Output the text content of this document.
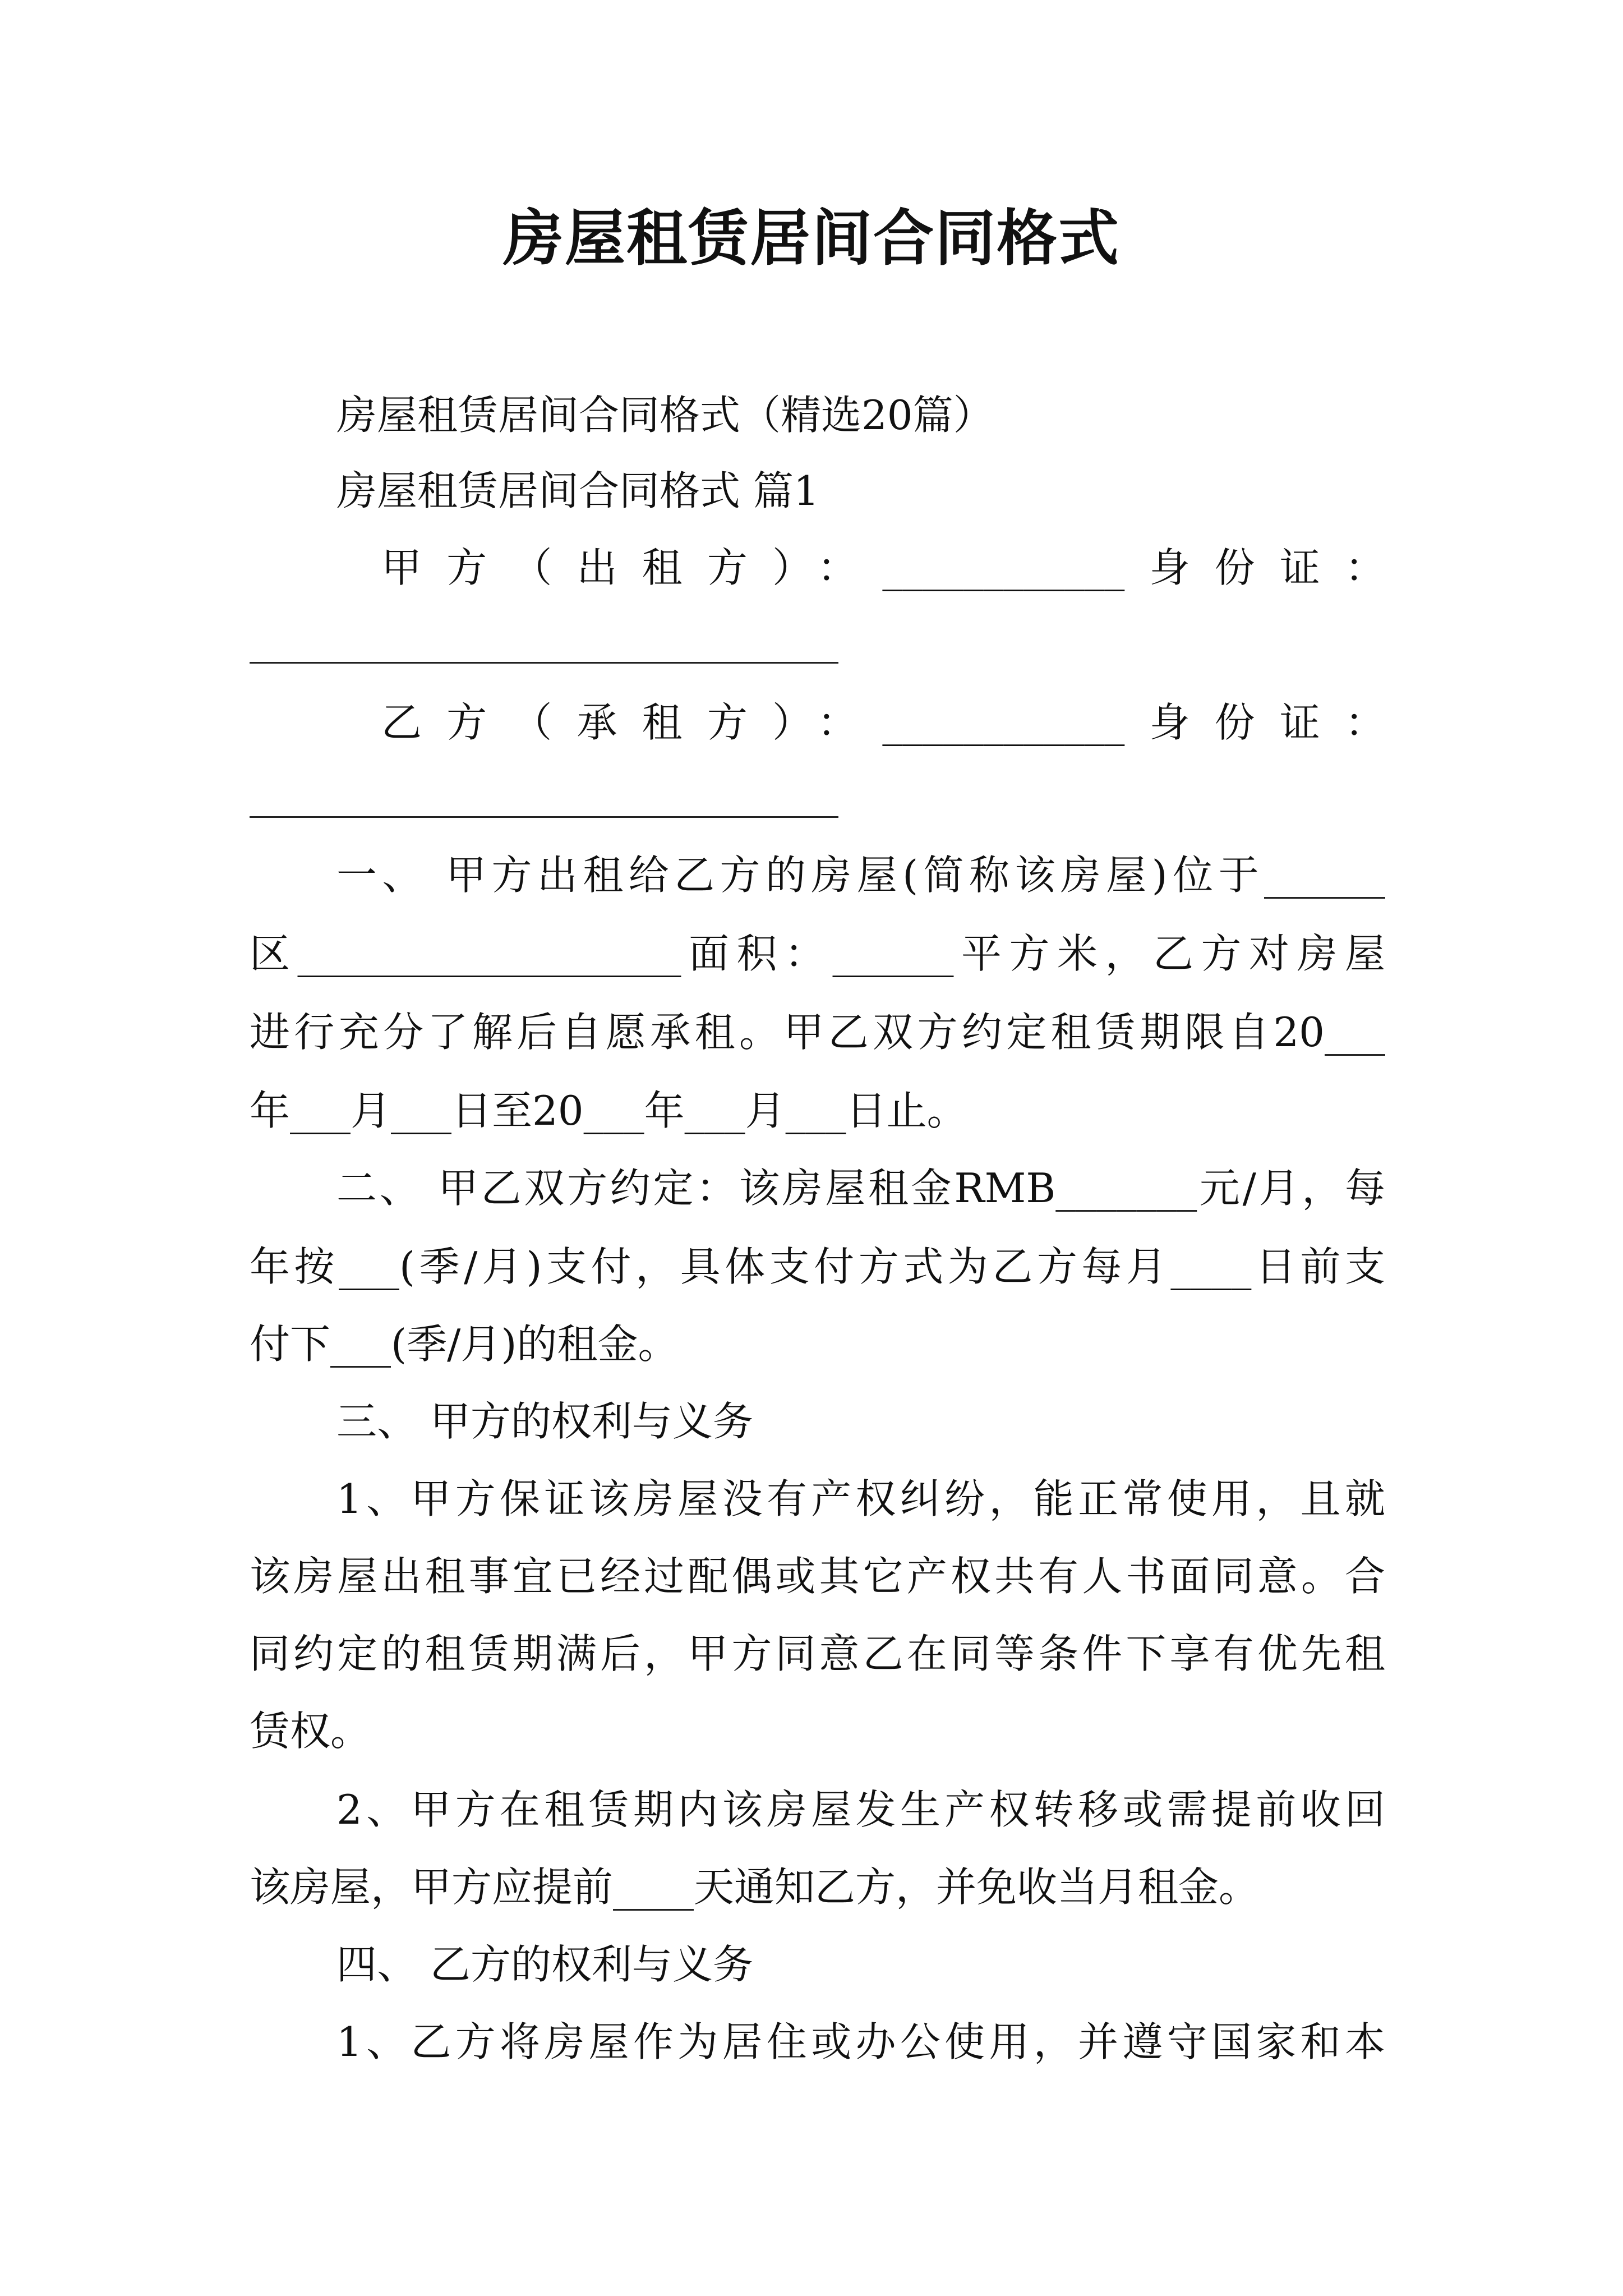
房屋租赁居间合同格式
房屋租赁居间合同格式（精选20篇）
房屋租赁居间合同格式 篇1
甲方（出租方）：____________身份证：
乙方（承租方）：____________身份证：
一、 甲方出租给乙方的房屋(简称该房屋)位于______
区___________________面积：______平方米，乙方对房屋
进行充分了解后自愿承租。甲乙双方约定租赁期限自20___
年___月___日至20___年___月___日止。
二、 甲乙双方约定：该房屋租金RMB_______元/月，每
年按___(季/月)支付，具体支付方式为乙方每月____日前支
付下___(季/月)的租金。
三、 甲方的权利与义务
1、甲方保证该房屋没有产权纠纷，能正常使用，且就
该房屋出租事宜已经过配偶或其它产权共有人书面同意。合
同约定的租赁期满后，甲方同意乙在同等条件下享有优先租
赁权。
2、甲方在租赁期内该房屋发生产权转移或需提前收回
该房屋，甲方应提前____天通知乙方，并免收当月租金。
四、 乙方的权利与义务
1、乙方将房屋作为居住或办公使用，并遵守国家和本
